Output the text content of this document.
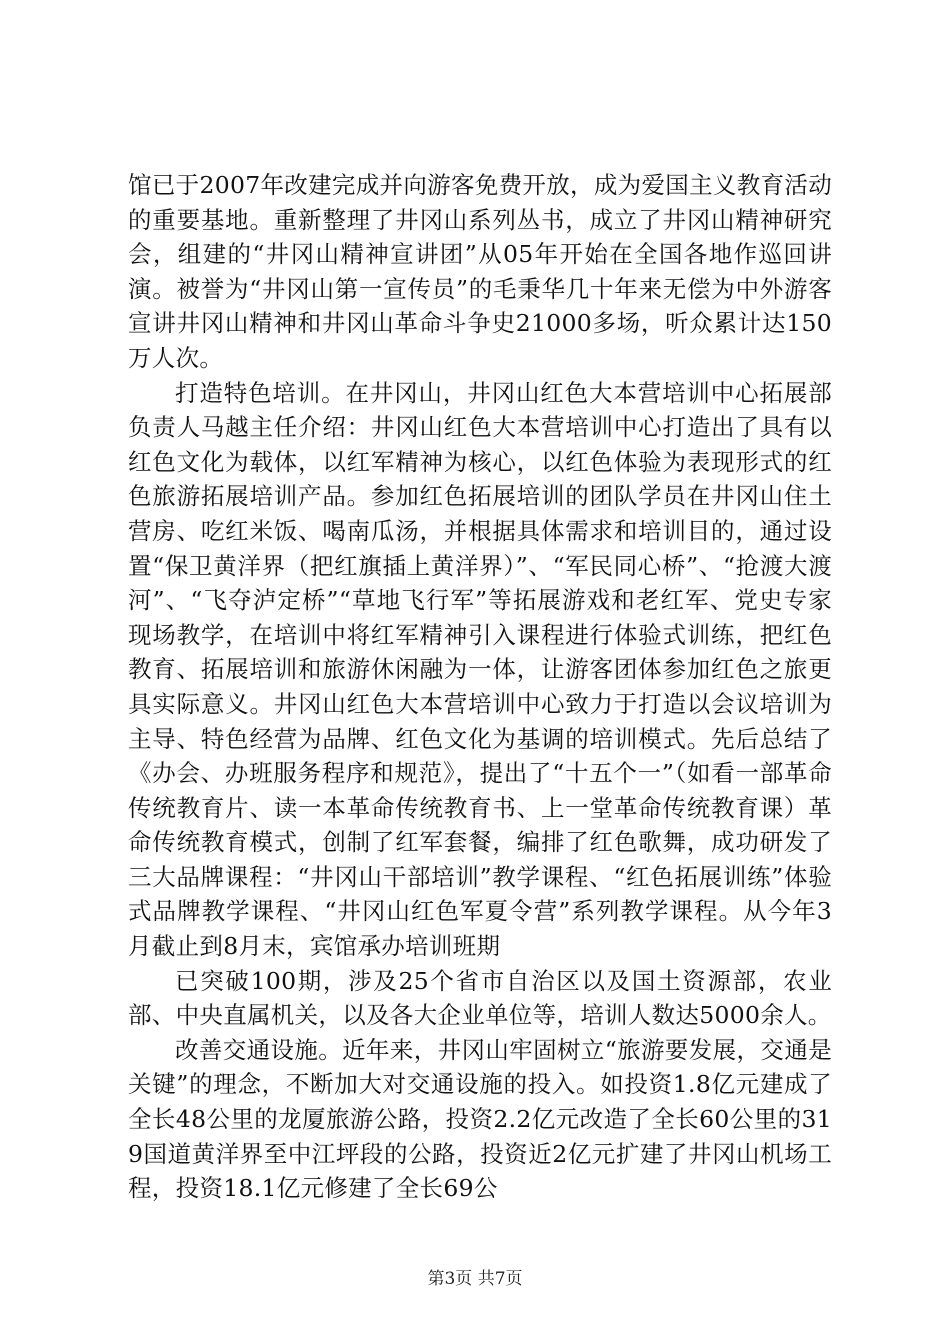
馆已于2007年改建完成并向游客免费开放，成为爱国主义教育活动的重要基地。重新整理了井冈山系列丛书，成立了井冈山精神研究会，组建的“井冈山精神宣讲团”从05年开始在全国各地作巡回讲演。被誉为“井冈山第一宣传员”的毛秉华几十年来无偿为中外游客宣讲井冈山精神和井冈山革命斗争史21000多场，听众累计达150万人次。

打造特色培训。在井冈山，井冈山红色大本营培训中心拓展部负责人马越主任介绍：井冈山红色大本营培训中心打造出了具有以红色文化为载体，以红军精神为核心，以红色体验为表现形式的红色旅游拓展培训产品。参加红色拓展培训的团队学员在井冈山住土营房、吃红米饭、喝南瓜汤，并根据具体需求和培训目的，通过设置“保卫黄洋界（把红旗插上黄洋界）”、“军民同心桥”、“抢渡大渡河”、“飞夺泸定桥”“草地飞行军”等拓展游戏和老红军、党史专家现场教学，在培训中将红军精神引入课程进行体验式训练，把红色教育、拓展培训和旅游休闲融为一体，让游客团体参加红色之旅更具实际意义。井冈山红色大本营培训中心致力于打造以会议培训为主导、特色经营为品牌、红色文化为基调的培训模式。先后总结了《办会、办班服务程序和规范》，提出了“十五个一”（如看一部革命传统教育片、读一本革命传统教育书、上一堂革命传统教育课）革命传统教育模式，创制了红军套餐，编排了红色歌舞，成功研发了三大品牌课程：“井冈山干部培训”教学课程、“红色拓展训练”体验式品牌教学课程、“井冈山红色军夏令营”系列教学课程。从今年3月截止到8月末，宾馆承办培训班期

已突破100期，涉及25个省市自治区以及国土资源部，农业部、中央直属机关，以及各大企业单位等，培训人数达5000余人。

改善交通设施。近年来，井冈山牢固树立“旅游要发展，交通是关键”的理念，不断加大对交通设施的投入。如投资1.8亿元建成了全长48公里的龙厦旅游公路，投资2.2亿元改造了全长60公里的319国道黄洋界至中江坪段的公路，投资近2亿元扩建了井冈山机场工程，投资18.1亿元修建了全长69公

第3页 共7页
